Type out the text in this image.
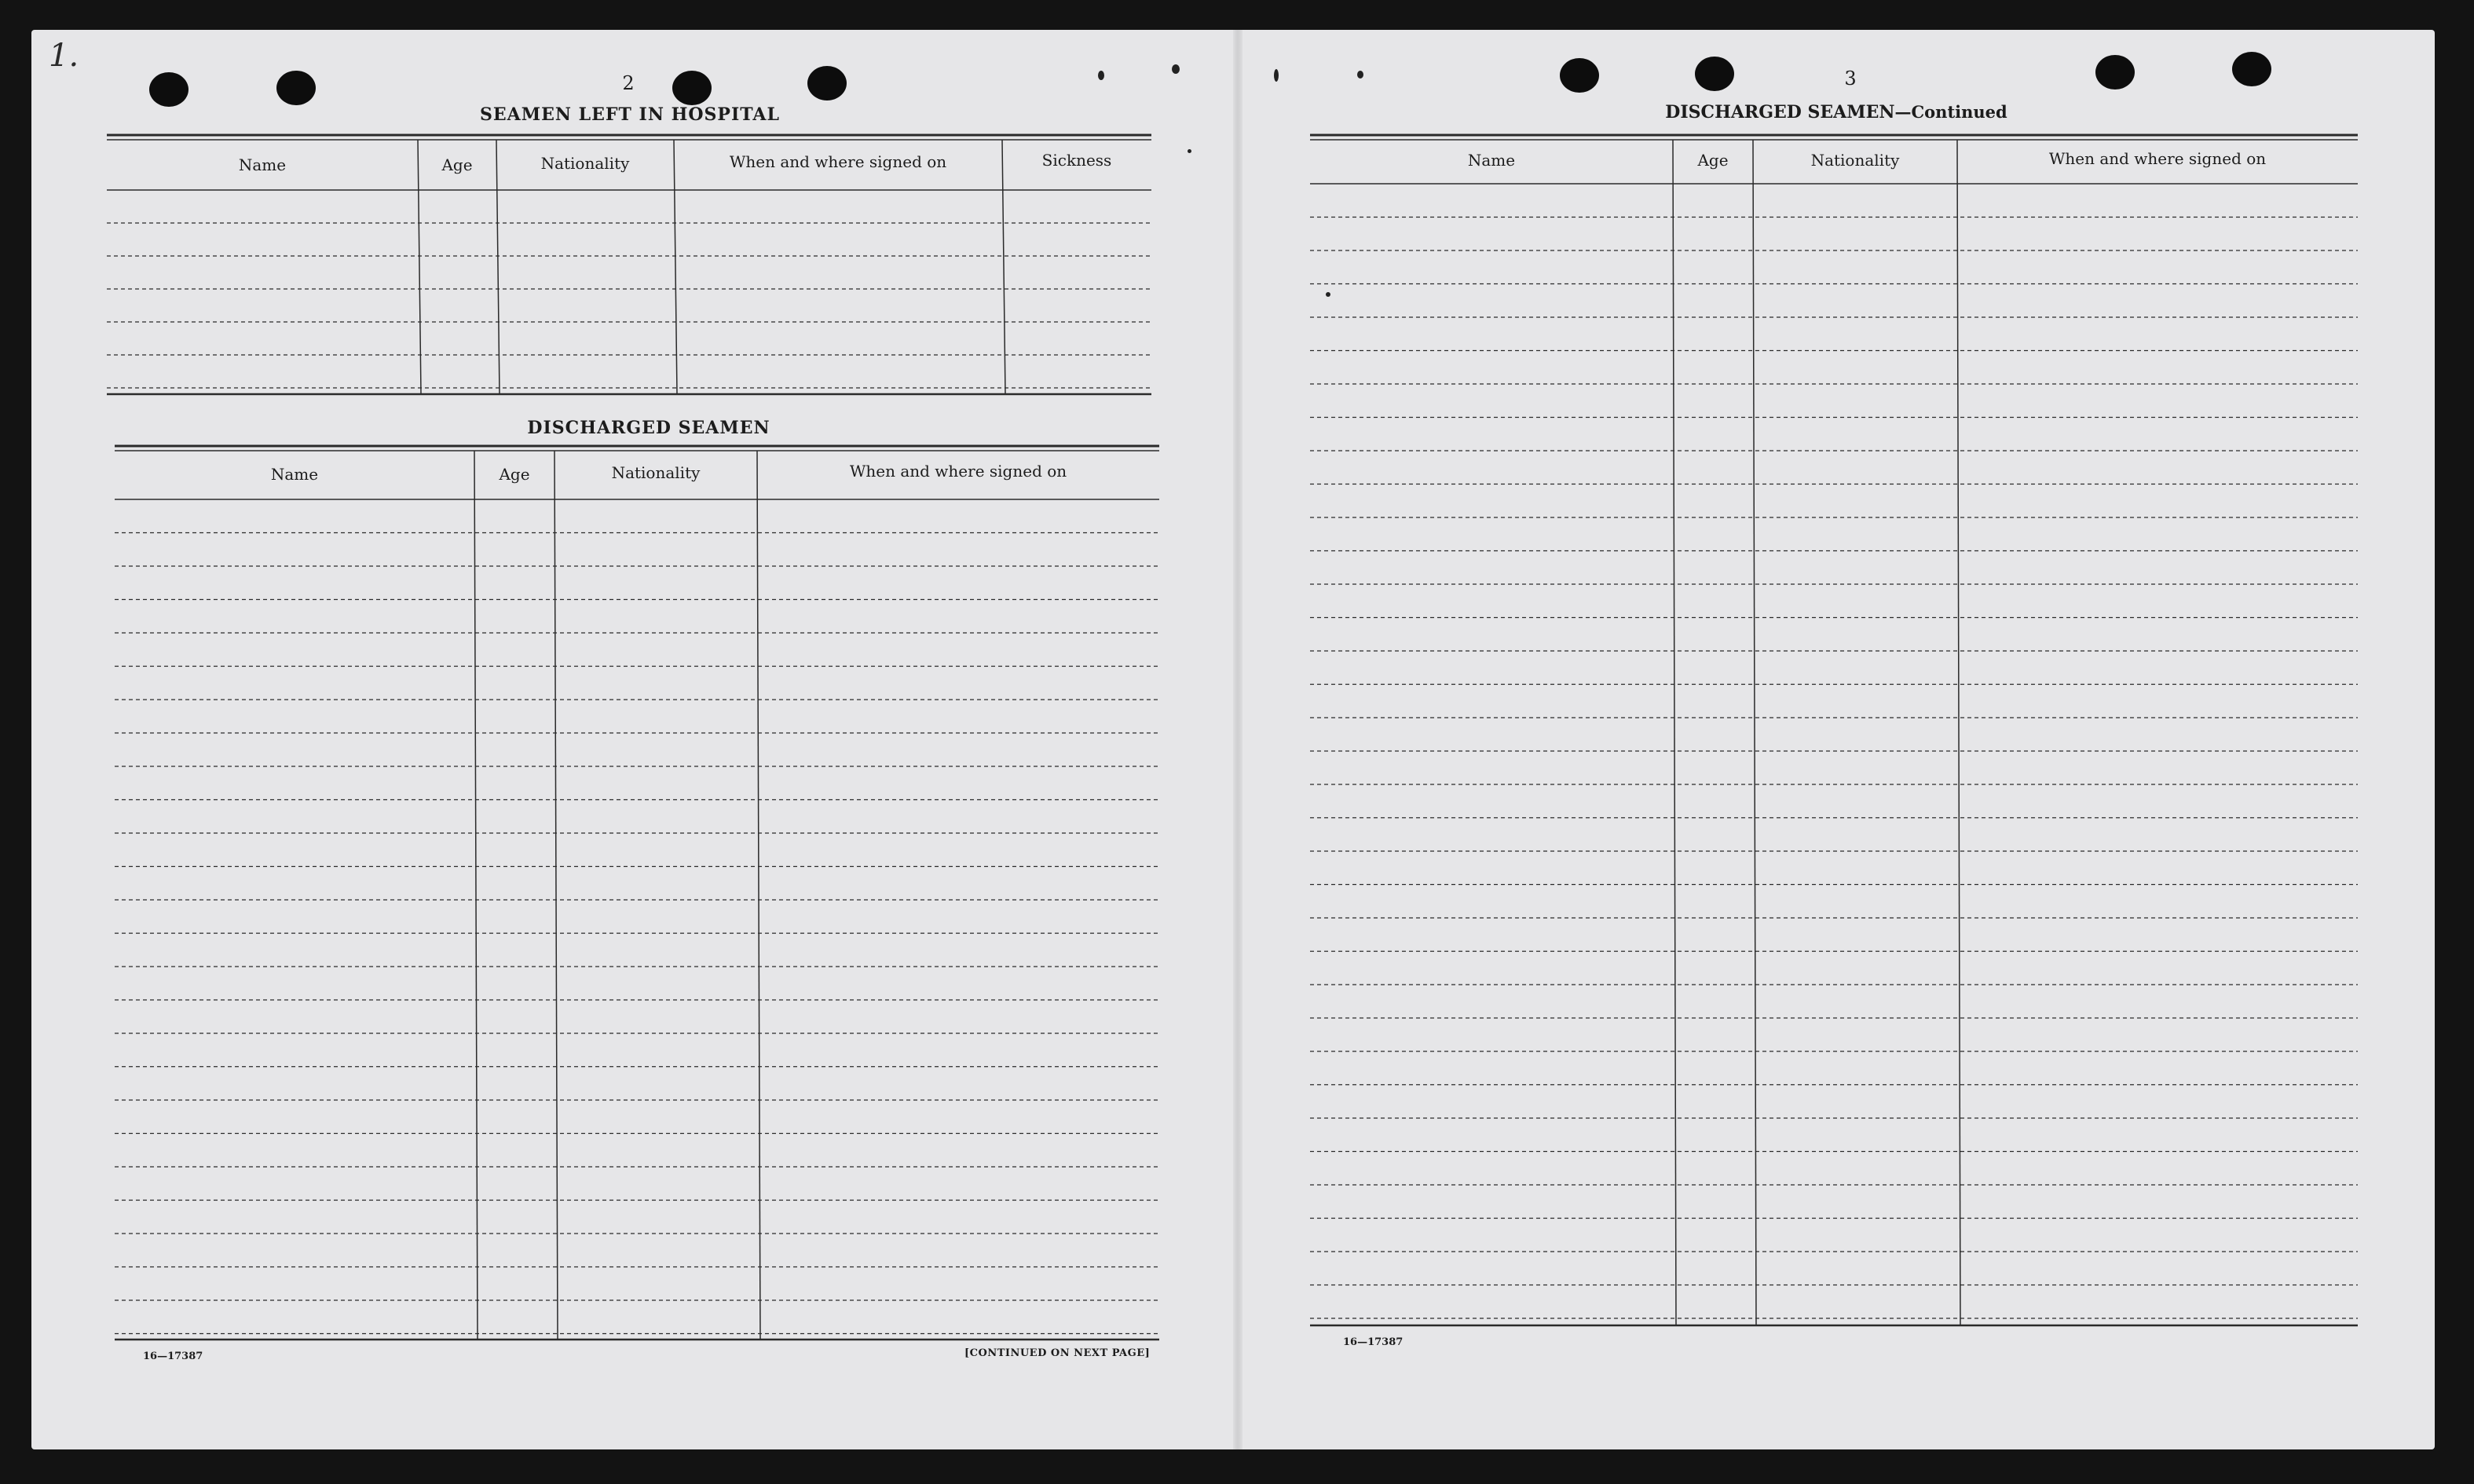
1.
2
SEAMEN LEFT IN HOSPITAL
Name	Age	Nationality	When and where signed on	Sickness
DISCHARGED SEAMEN
Name	Age	Nationality	When and where signed on
16—17387	[CONTINUED ON NEXT PAGE]
3
DISCHARGED SEAMEN—Continued
Name	Age	Nationality	When and where signed on
16—17387
